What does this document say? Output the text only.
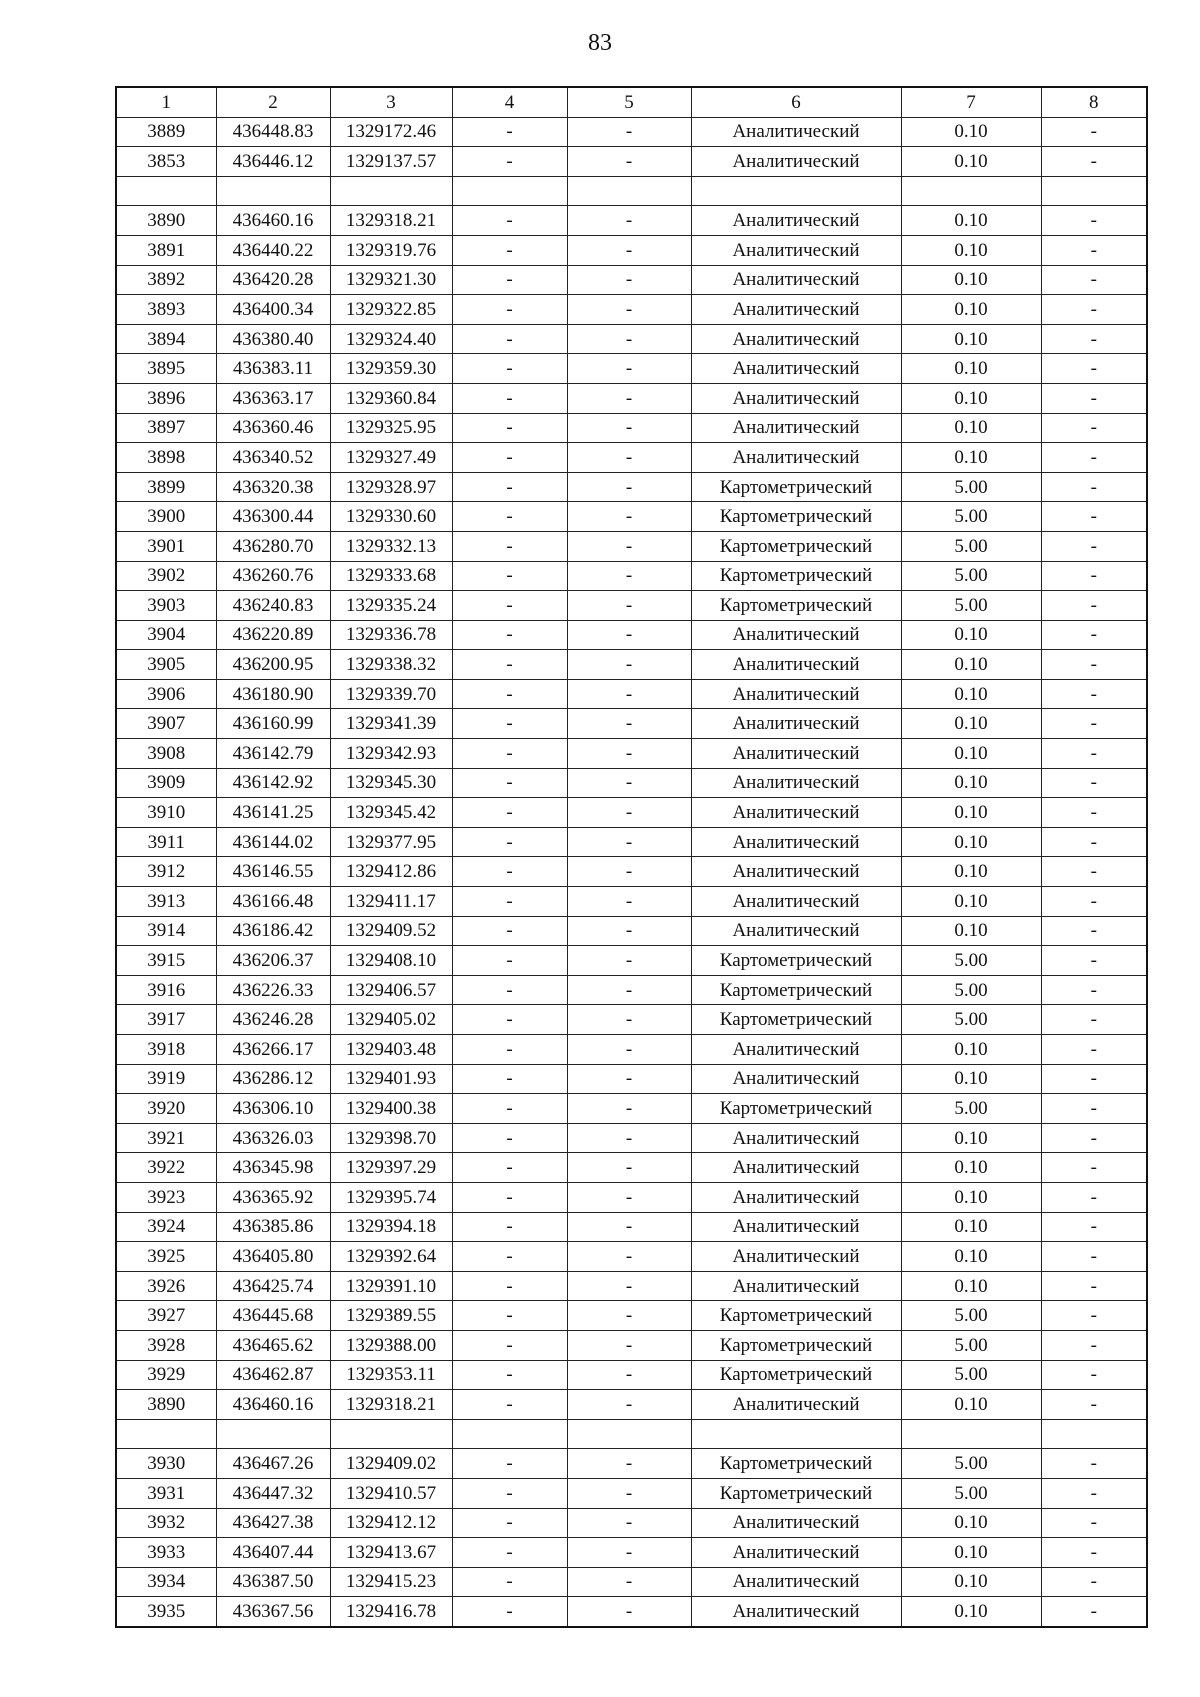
83
1	2	3	4	5	6	7	8
3889	436448.83	1329172.46	-	-	Аналитический	0.10	-
3853	436446.12	1329137.57	-	-	Аналитический	0.10	-

3890	436460.16	1329318.21	-	-	Аналитический	0.10	-
3891	436440.22	1329319.76	-	-	Аналитический	0.10	-
3892	436420.28	1329321.30	-	-	Аналитический	0.10	-
3893	436400.34	1329322.85	-	-	Аналитический	0.10	-
3894	436380.40	1329324.40	-	-	Аналитический	0.10	-
3895	436383.11	1329359.30	-	-	Аналитический	0.10	-
3896	436363.17	1329360.84	-	-	Аналитический	0.10	-
3897	436360.46	1329325.95	-	-	Аналитический	0.10	-
3898	436340.52	1329327.49	-	-	Аналитический	0.10	-
3899	436320.38	1329328.97	-	-	Картометрический	5.00	-
3900	436300.44	1329330.60	-	-	Картометрический	5.00	-
3901	436280.70	1329332.13	-	-	Картометрический	5.00	-
3902	436260.76	1329333.68	-	-	Картометрический	5.00	-
3903	436240.83	1329335.24	-	-	Картометрический	5.00	-
3904	436220.89	1329336.78	-	-	Аналитический	0.10	-
3905	436200.95	1329338.32	-	-	Аналитический	0.10	-
3906	436180.90	1329339.70	-	-	Аналитический	0.10	-
3907	436160.99	1329341.39	-	-	Аналитический	0.10	-
3908	436142.79	1329342.93	-	-	Аналитический	0.10	-
3909	436142.92	1329345.30	-	-	Аналитический	0.10	-
3910	436141.25	1329345.42	-	-	Аналитический	0.10	-
3911	436144.02	1329377.95	-	-	Аналитический	0.10	-
3912	436146.55	1329412.86	-	-	Аналитический	0.10	-
3913	436166.48	1329411.17	-	-	Аналитический	0.10	-
3914	436186.42	1329409.52	-	-	Аналитический	0.10	-
3915	436206.37	1329408.10	-	-	Картометрический	5.00	-
3916	436226.33	1329406.57	-	-	Картометрический	5.00	-
3917	436246.28	1329405.02	-	-	Картометрический	5.00	-
3918	436266.17	1329403.48	-	-	Аналитический	0.10	-
3919	436286.12	1329401.93	-	-	Аналитический	0.10	-
3920	436306.10	1329400.38	-	-	Картометрический	5.00	-
3921	436326.03	1329398.70	-	-	Аналитический	0.10	-
3922	436345.98	1329397.29	-	-	Аналитический	0.10	-
3923	436365.92	1329395.74	-	-	Аналитический	0.10	-
3924	436385.86	1329394.18	-	-	Аналитический	0.10	-
3925	436405.80	1329392.64	-	-	Аналитический	0.10	-
3926	436425.74	1329391.10	-	-	Аналитический	0.10	-
3927	436445.68	1329389.55	-	-	Картометрический	5.00	-
3928	436465.62	1329388.00	-	-	Картометрический	5.00	-
3929	436462.87	1329353.11	-	-	Картометрический	5.00	-
3890	436460.16	1329318.21	-	-	Аналитический	0.10	-

3930	436467.26	1329409.02	-	-	Картометрический	5.00	-
3931	436447.32	1329410.57	-	-	Картометрический	5.00	-
3932	436427.38	1329412.12	-	-	Аналитический	0.10	-
3933	436407.44	1329413.67	-	-	Аналитический	0.10	-
3934	436387.50	1329415.23	-	-	Аналитический	0.10	-
3935	436367.56	1329416.78	-	-	Аналитический	0.10	-
